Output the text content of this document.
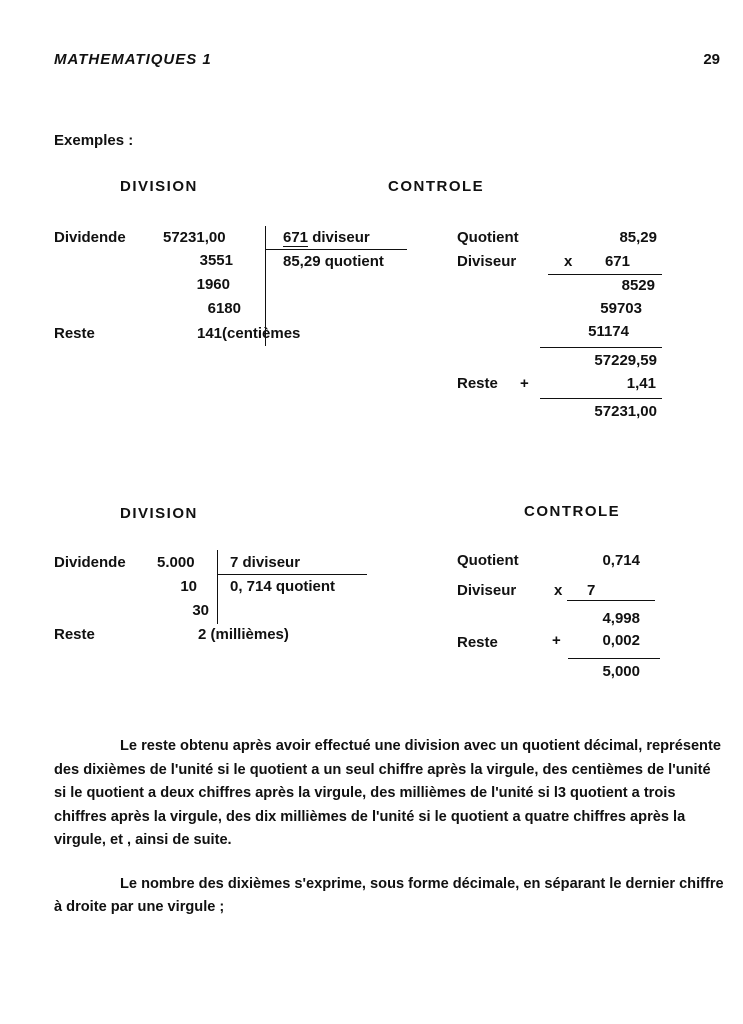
MATHEMATIQUES 1	29
Exemples :
DIVISION	CONTROLE
Dividende 57231,00
3551
1960
6180
Reste	141(centièmes
671 diviseur
85,29 quotient
Quotient	85,29
Diviseur	x	671
8529
59703
51174
57229,59
Reste +	1,41
57231,00
DIVISION	CONTROLE
Dividende 5.000
10
30
Reste	2 (millièmes)
7 diviseur
0, 714 quotient
Quotient	0,714
Diviseur	x 7
4,998
Reste	+	0,002
5,000

Le reste obtenu après avoir effectué une division avec un quotient décimal, représente des dixièmes de l'unité si le quotient a un seul chiffre après la virgule, des centièmes de l'unité si le quotient a deux chiffres après la virgule, des millièmes de l'unité si l3 quotient a trois chiffres après la virgule, des dix millièmes de l'unité si le quotient a quatre chiffres après la virgule, et , ainsi de suite.

Le nombre des dixièmes s'exprime, sous forme décimale, en séparant le dernier chiffre à droite par une virgule ;
